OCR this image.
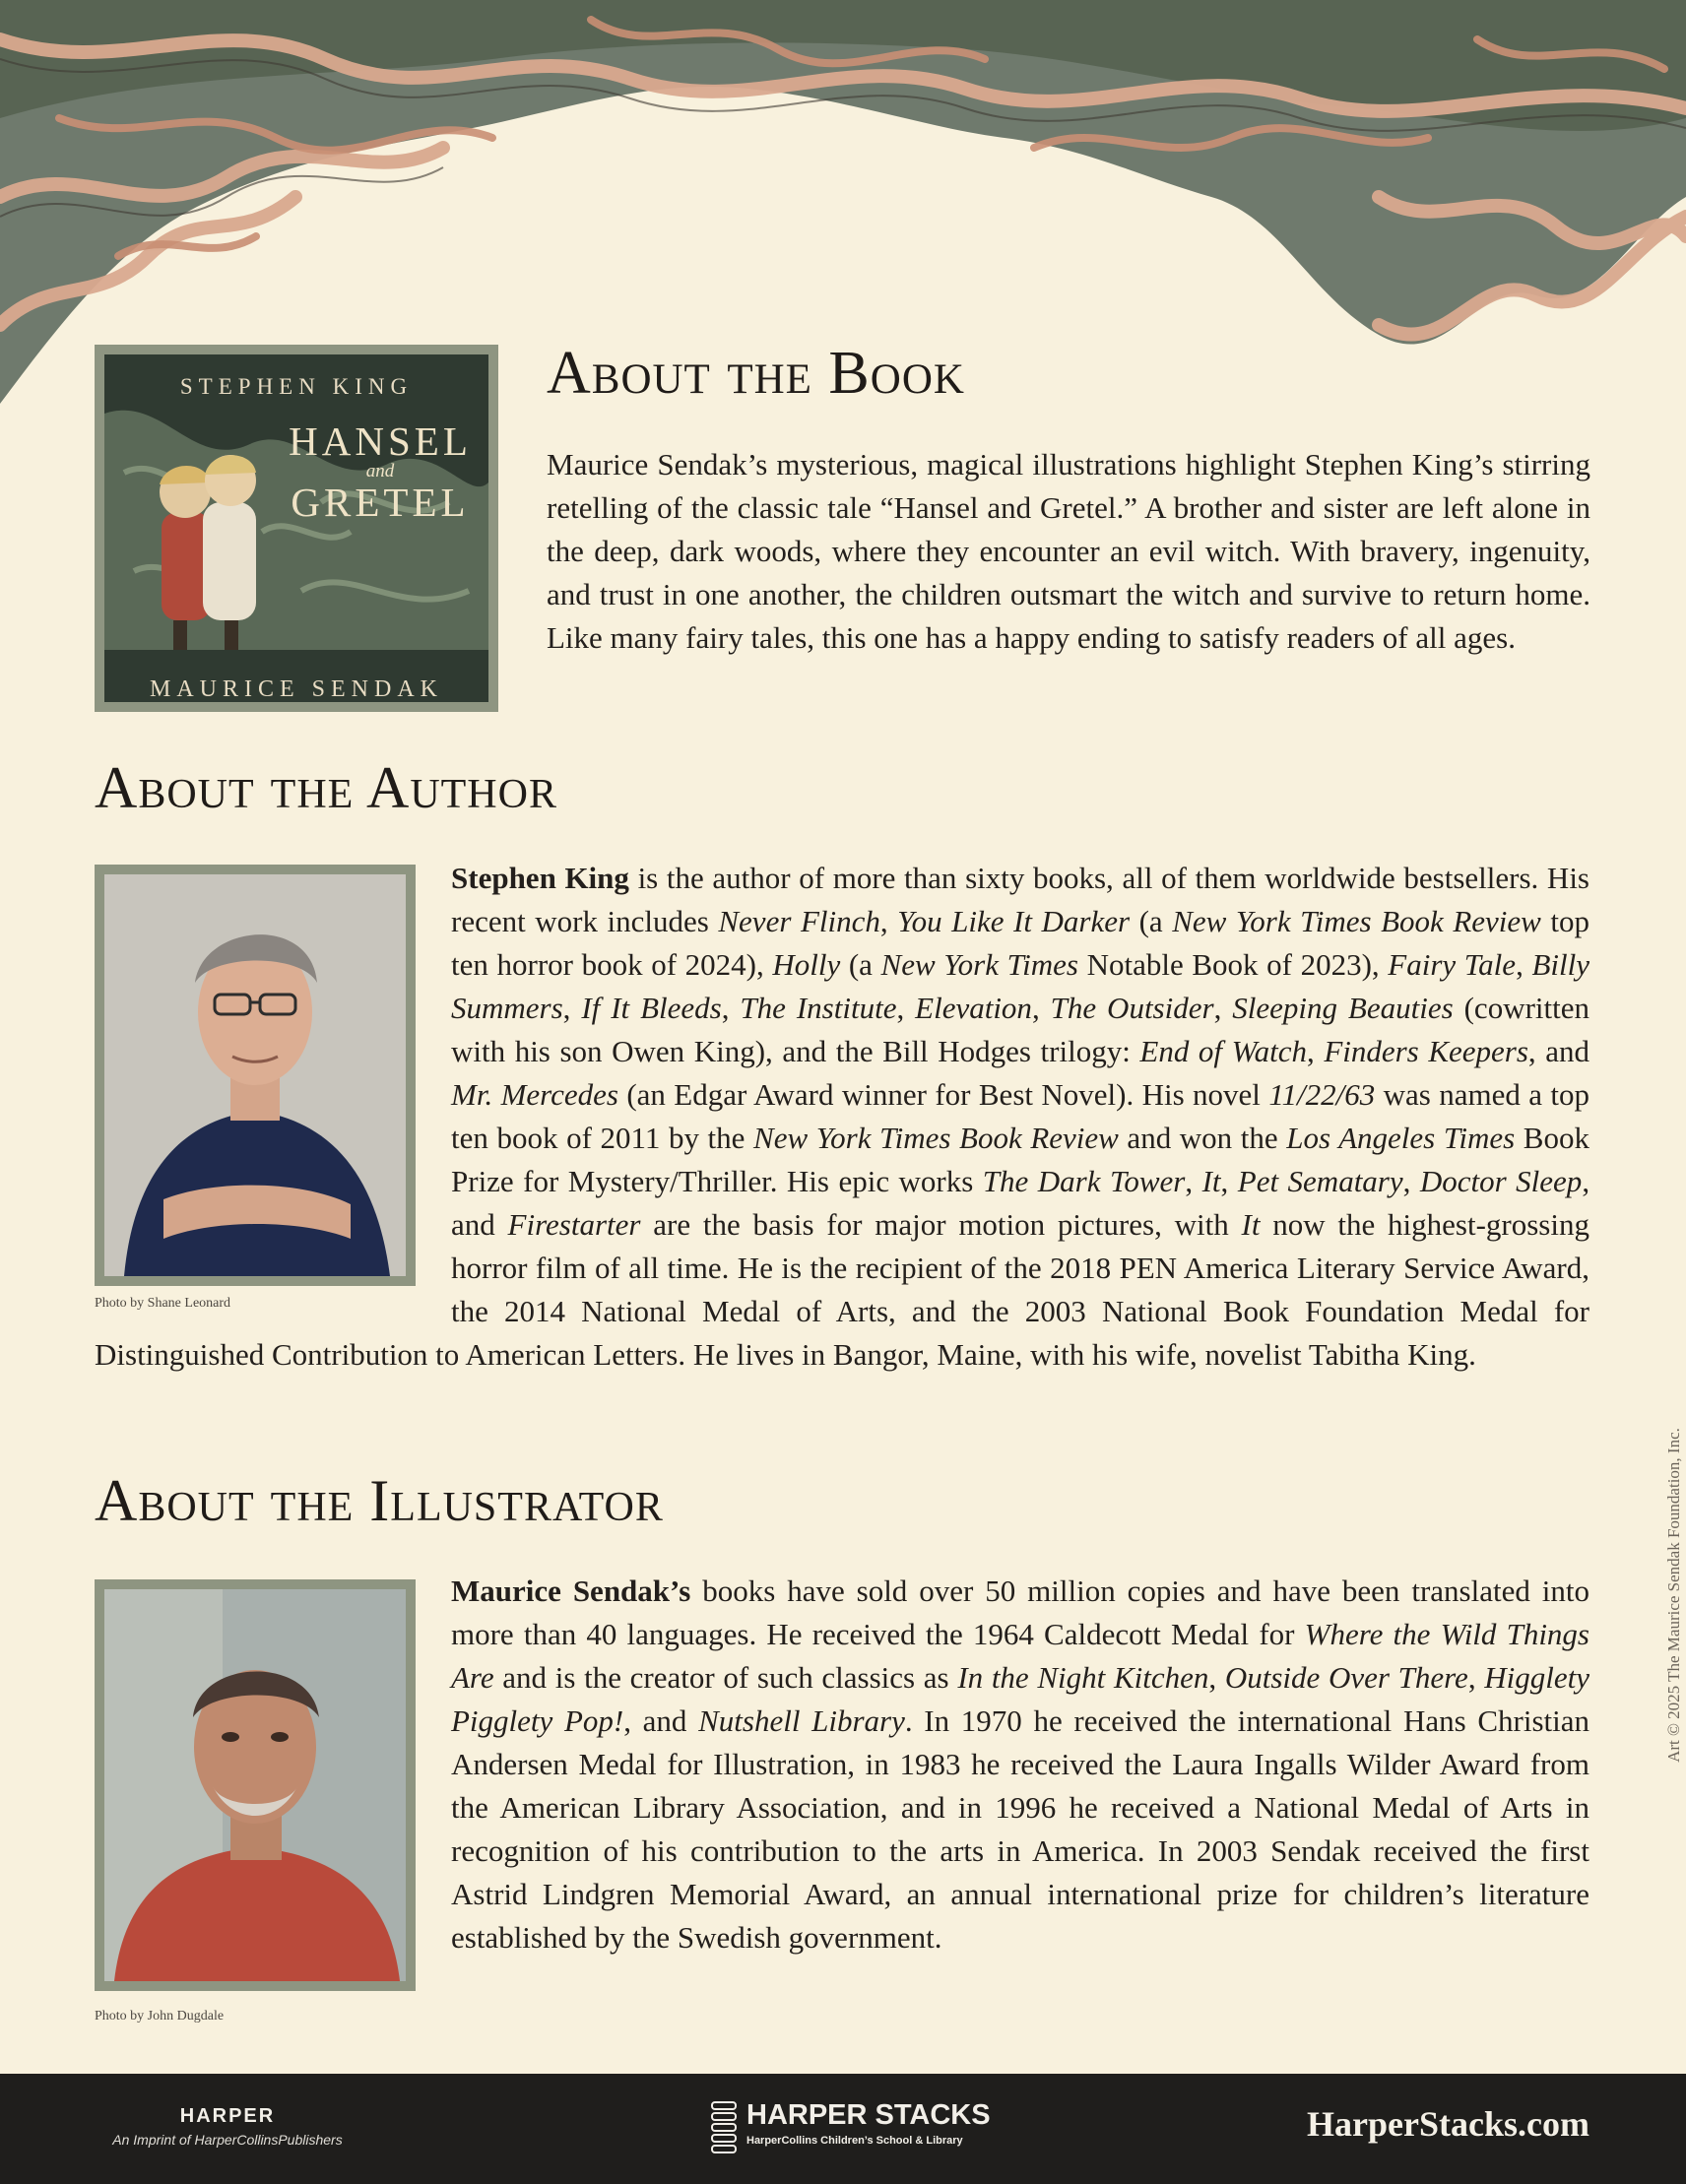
About the Book
STEPHEN KING
HANSEL
and
GRETEL
MAURICE SENDAK

Maurice Sendak’s mysterious, magical illustrations highlight Stephen King’s stirring retelling of the classic tale “Hansel and Gretel.” A brother and sister are left alone in the deep, dark woods, where they encounter an evil witch. With bravery, ingenuity, and trust in one another, the children outsmart the witch and survive to return home. Like many fairy tales, this one has a happy ending to satisfy readers of all ages.

About the Author
Photo by Shane Leonard

Stephen King is the author of more than sixty books, all of them worldwide bestsellers. His recent work includes Never Flinch, You Like It Darker (a New York Times Book Review top ten horror book of 2024), Holly (a New York Times Notable Book of 2023), Fairy Tale, Billy Summers, If It Bleeds, The Institute, Elevation, The Outsider, Sleeping Beauties (cowritten with his son Owen King), and the Bill Hodges trilogy: End of Watch, Finders Keepers, and Mr. Mercedes (an Edgar Award winner for Best Novel). His novel 11/22/63 was named a top ten book of 2011 by the New York Times Book Review and won the Los Angeles Times Book Prize for Mystery/Thriller. His epic works The Dark Tower, It, Pet Sematary, Doctor Sleep, and Firestarter are the basis for major motion pictures, with It now the highest-grossing horror film of all time. He is the recipient of the 2018 PEN America Literary Service Award, the 2014 National Medal of Arts, and the 2003 National Book Foundation Medal for Distinguished Contribution to American Letters. He lives in Bangor, Maine, with his wife, novelist Tabitha King.

About the Illustrator
Photo by John Dugdale

Maurice Sendak’s books have sold over 50 million copies and have been translated into more than 40 languages. He received the 1964 Caldecott Medal for Where the Wild Things Are and is the creator of such classics as In the Night Kitchen, Outside Over There, Higglety Pigglety Pop!, and Nutshell Library. In 1970 he received the international Hans Christian Andersen Medal for Illustration, in 1983 he received the Laura Ingalls Wilder Award from the American Library Association, and in 1996 he received a National Medal of Arts in recognition of his contribution to the arts in America. In 2003 Sendak received the first Astrid Lindgren Memorial Award, an annual international prize for children’s literature established by the Swedish government.

Art © 2025 The Maurice Sendak Foundation, Inc.
HARPER
An Imprint of HarperCollinsPublishers
HARPER STACKS
HarperCollins Children’s School & Library	HarperStacks.com
